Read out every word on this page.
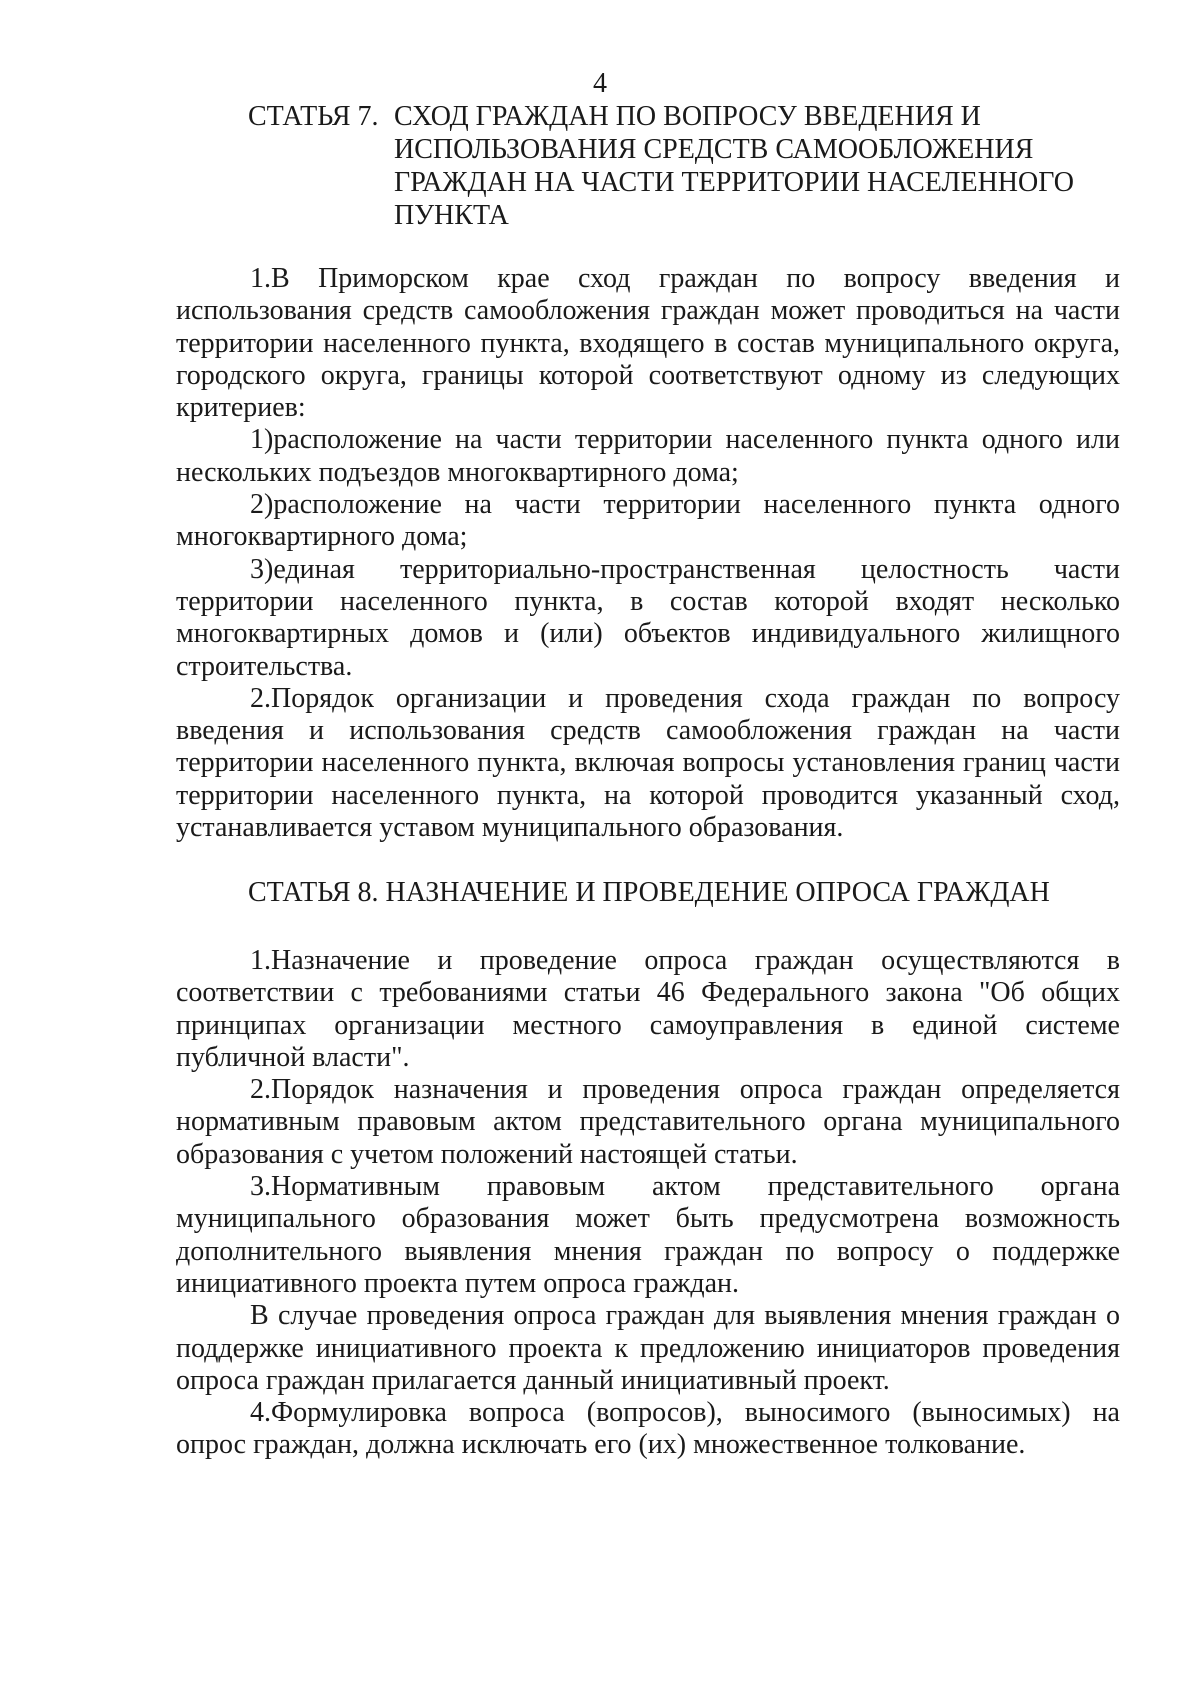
4
СТАТЬЯ 7. СХОД ГРАЖДАН ПО ВОПРОСУ ВВЕДЕНИЯ И ИСПОЛЬЗОВАНИЯ СРЕДСТВ САМООБЛОЖЕНИЯ ГРАЖДАН НА ЧАСТИ ТЕРРИТОРИИ НАСЕЛЕННОГО ПУНКТА

1.В Приморском крае сход граждан по вопросу введения и использования средств самообложения граждан может проводиться на части территории населенного пункта, входящего в состав муниципального округа, городского округа, границы которой соответствуют одному из следующих критериев:

1)расположение на части территории населенного пункта одного или нескольких подъездов многоквартирного дома;

2)расположение на части территории населенного пункта одного многоквартирного дома;

3)единая территориально-пространственная целостность части территории населенного пункта, в состав которой входят несколько многоквартирных домов и (или) объектов индивидуального жилищного строительства.

2.Порядок организации и проведения схода граждан по вопросу введения и использования средств самообложения граждан на части территории населенного пункта, включая вопросы установления границ части территории населенного пункта, на которой проводится указанный сход, устанавливается уставом муниципального образования.

СТАТЬЯ 8. НАЗНАЧЕНИЕ И ПРОВЕДЕНИЕ ОПРОСА ГРАЖДАН

1.Назначение и проведение опроса граждан осуществляются в соответствии с требованиями статьи 46 Федерального закона "Об общих принципах организации местного самоуправления в единой системе публичной власти".

2.Порядок назначения и проведения опроса граждан определяется нормативным правовым актом представительного органа муниципального образования с учетом положений настоящей статьи.

3.Нормативным правовым актом представительного органа муниципального образования может быть предусмотрена возможность дополнительного выявления мнения граждан по вопросу о поддержке инициативного проекта путем опроса граждан.

В случае проведения опроса граждан для выявления мнения граждан о поддержке инициативного проекта к предложению инициаторов проведения опроса граждан прилагается данный инициативный проект.

4.Формулировка вопроса (вопросов), выносимого (выносимых) на опрос граждан, должна исключать его (их) множественное толкование.
